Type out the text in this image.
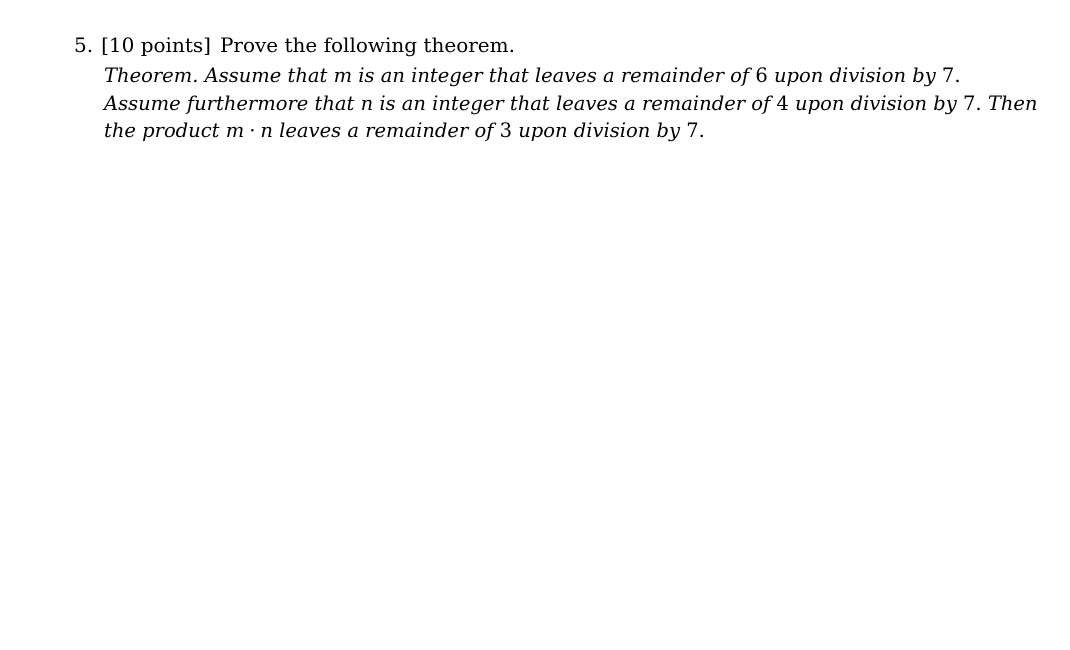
5. [10 points] Prove the following theorem.
Theorem. Assume that m is an integer that leaves a remainder of 6 upon division by 7.
Assume furthermore that n is an integer that leaves a remainder of 4 upon division by 7. Then
the product m · n leaves a remainder of 3 upon division by 7.
